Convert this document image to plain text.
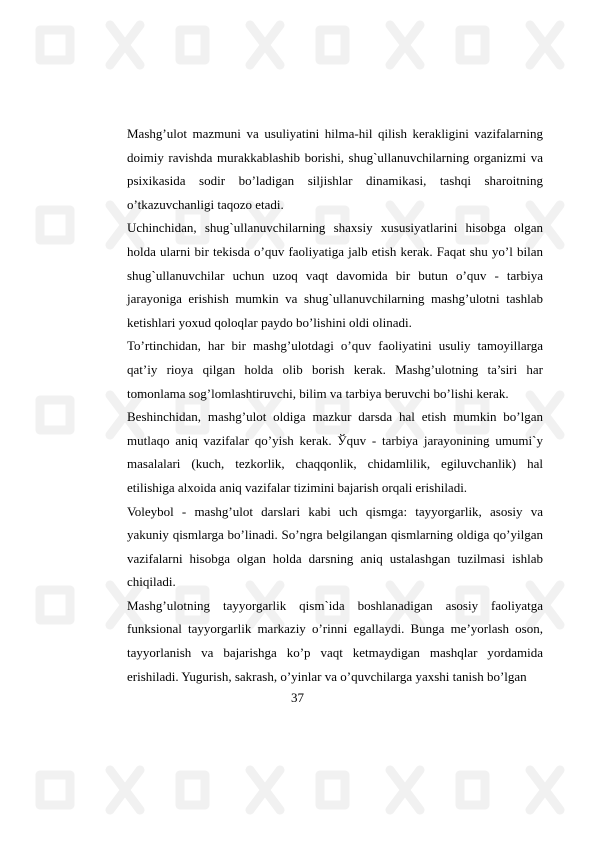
Mashg’ulot mazmuni va usuliyatini hilma-hil qilish kerakligini vazifalarning doimiy ravishda murakkablashib borishi, shug`ullanuvchilarning organizmi va psixikasida sodir bo’ladigan siljishlar dinamikasi, tashqi sharoitning o’tkazuvchanligi taqozo etadi.

Uchinchidan, shug`ullanuvchilarning shaxsiy xususiyatlarini hisobga olgan holda ularni bir tekisda o’quv faoliyatiga jalb etish kerak. Faqat shu yo’l bilan shug`ullanuvchilar uchun uzoq vaqt davomida bir butun o’quv - tarbiya jarayoniga erishish mumkin va shug`ullanuvchilarning mashg’ulotni tashlab ketishlari yoxud qoloqlar paydo bo’lishini oldi olinadi.

To’rtinchidan, har bir mashg’ulotdagi o’quv faoliyatini usuliy tamoyillarga qat’iy rioya qilgan holda olib borish kerak. Mashg’ulotning ta’siri har tomonlama sog’lomlashtiruvchi, bilim va tarbiya beruvchi bo’lishi kerak.

Beshinchidan, mashg’ulot oldiga mazkur darsda hal etish mumkin bo’lgan mutlaqo aniq vazifalar qo’yish kerak. Ўquv - tarbiya jarayonining umumi`y masalalari (kuch, tezkorlik, chaqqonlik, chidamlilik, egiluvchanlik) hal etilishiga alxoida aniq vazifalar tizimini bajarish orqali erishiladi.

Voleybol - mashg’ulot darslari kabi uch qismga: tayyorgarlik, asosiy va yakuniy qismlarga bo’linadi. So’ngra belgilangan qismlarning oldiga qo’yilgan vazifalarni hisobga olgan holda darsning aniq ustalashgan tuzilmasi ishlab chiqiladi.

Mashg’ulotning tayyorgarlik qism`ida boshlanadigan asosiy faoliyatga funksional tayyorgarlik markaziy o’rinni egallaydi. Bunga me’yorlash oson, tayyorlanish va bajarishga ko’p vaqt ketmaydigan mashqlar yordamida erishiladi. Yugurish, sakrash, o’yinlar va o’quvchilarga yaxshi tanish bo’lgan

37
